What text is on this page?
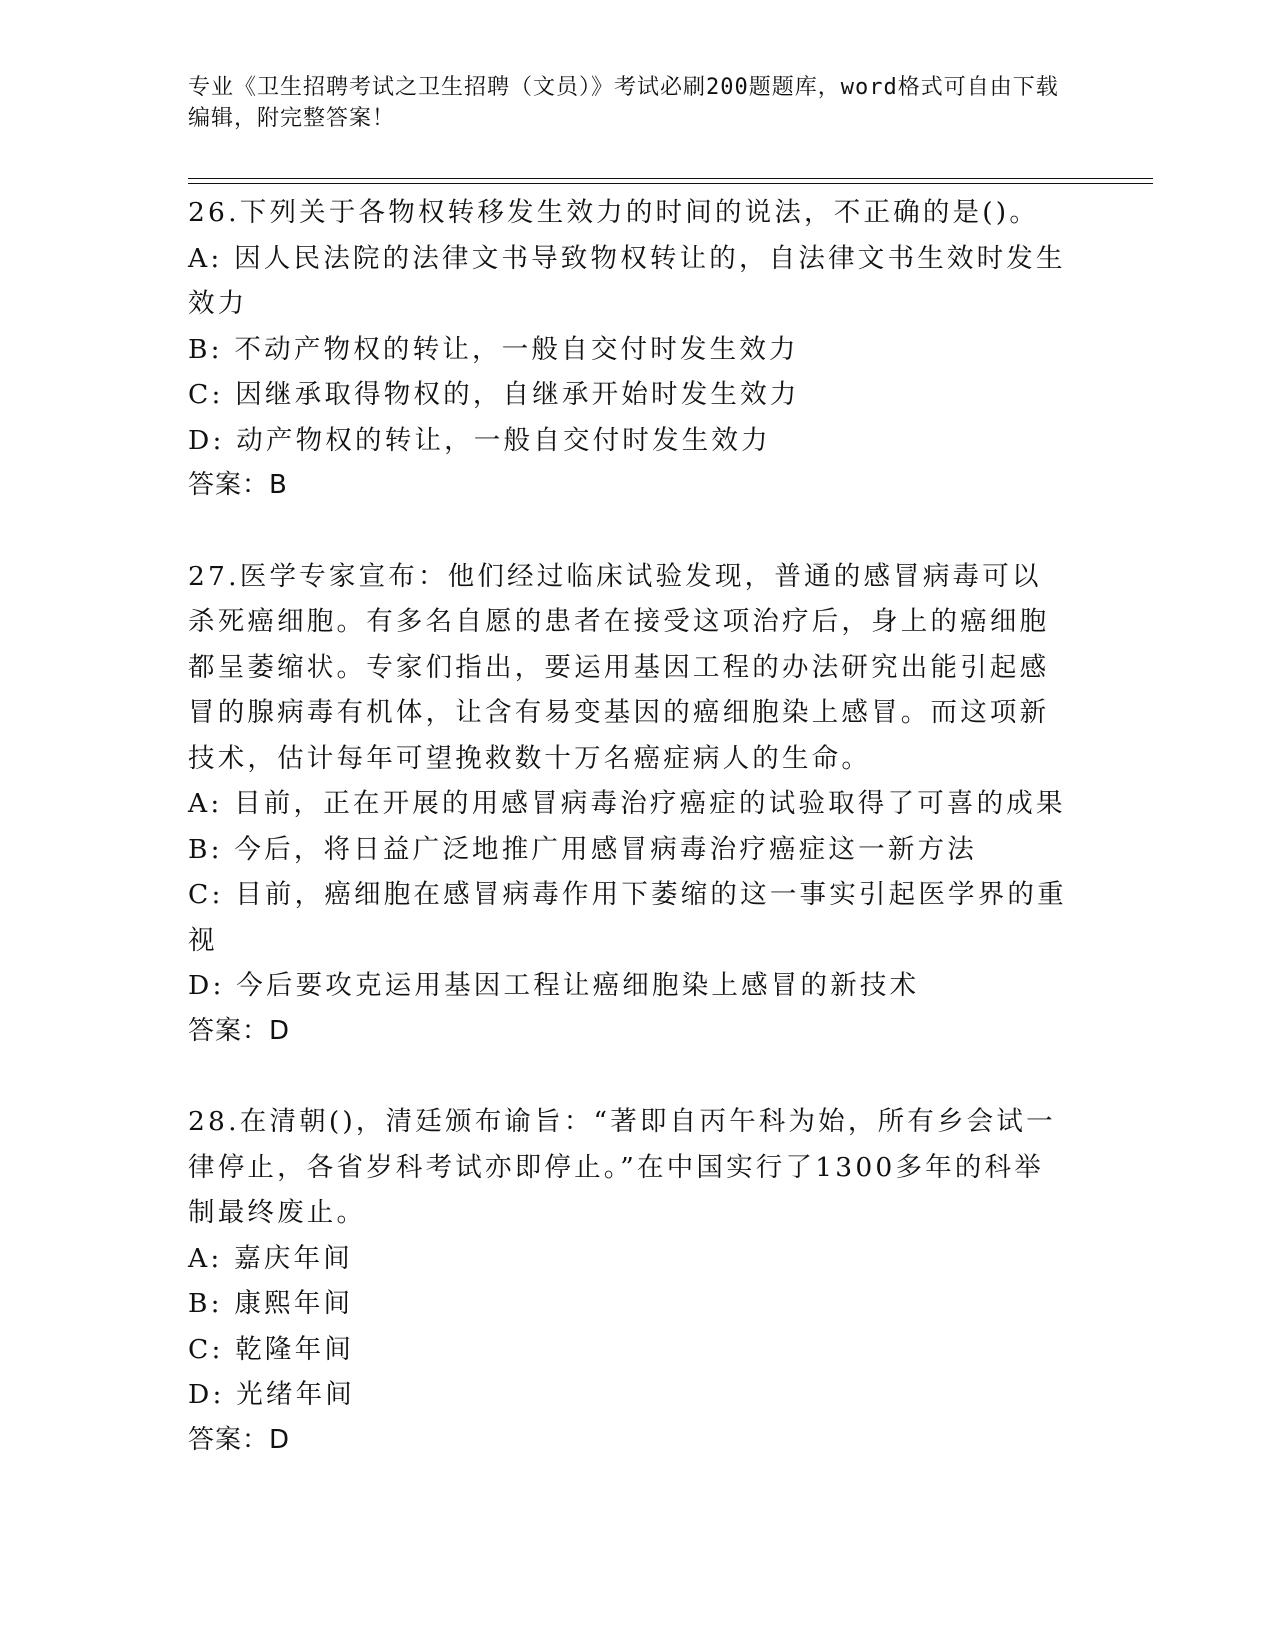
专业《卫生招聘考试之卫生招聘（文员）》考试必刷200题题库，word格式可自由下载编辑，附完整答案！
26.下列关于各物权转移发生效力的时间的说法，不正确的是()。
A: 因人民法院的法律文书导致物权转让的，自法律文书生效时发生效力
B: 不动产物权的转让，一般自交付时发生效力
C: 因继承取得物权的，自继承开始时发生效力
D: 动产物权的转让，一般自交付时发生效力
答案：B
27.医学专家宣布：他们经过临床试验发现，普通的感冒病毒可以杀死癌细胞。有多名自愿的患者在接受这项治疗后，身上的癌细胞都呈萎缩状。专家们指出，要运用基因工程的办法研究出能引起感冒的腺病毒有机体，让含有易变基因的癌细胞染上感冒。而这项新技术，估计每年可望挽救数十万名癌症病人的生命。
A: 目前，正在开展的用感冒病毒治疗癌症的试验取得了可喜的成果
B: 今后，将日益广泛地推广用感冒病毒治疗癌症这一新方法
C: 目前，癌细胞在感冒病毒作用下萎缩的这一事实引起医学界的重视
D: 今后要攻克运用基因工程让癌细胞染上感冒的新技术
答案：D
28.在清朝()，清廷颁布谕旨：“著即自丙午科为始，所有乡会试一律停止，各省岁科考试亦即停止。”在中国实行了1300多年的科举制最终废止。
A: 嘉庆年间
B: 康熙年间
C: 乾隆年间
D: 光绪年间
答案：D
